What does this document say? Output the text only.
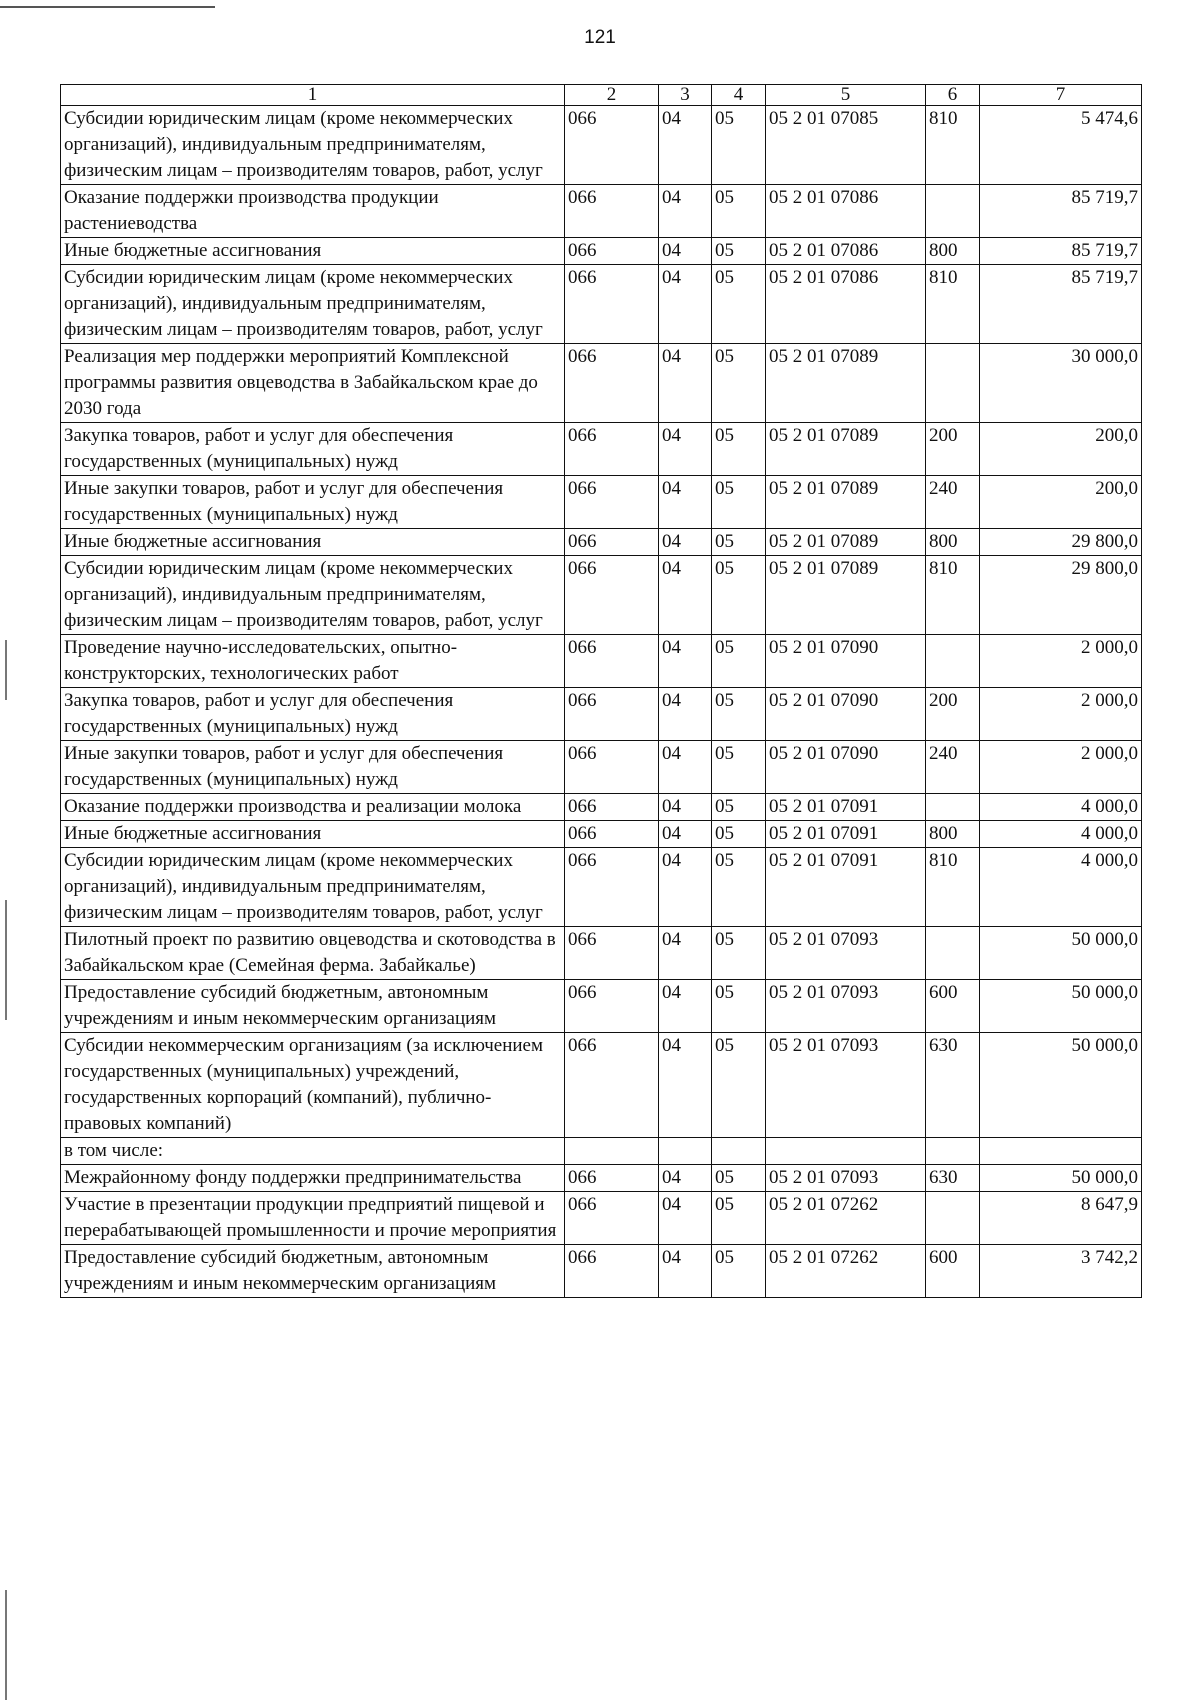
121
1	2	3	4	5	6	7
Субсидии юридическим лицам (кроме некоммерческих организаций), индивидуальным предпринимателям, физическим лицам – производителям товаров, работ, услуг	066	04	05	05 2 01 07085	810	5 474,6
Оказание поддержки производства продукции растениеводства	066	04	05	05 2 01 07086		85 719,7
Иные бюджетные ассигнования	066	04	05	05 2 01 07086	800	85 719,7
Субсидии юридическим лицам (кроме некоммерческих организаций), индивидуальным предпринимателям, физическим лицам – производителям товаров, работ, услуг	066	04	05	05 2 01 07086	810	85 719,7
Реализация мер поддержки мероприятий Комплексной программы развития овцеводства в Забайкальском крае до 2030 года	066	04	05	05 2 01 07089		30 000,0
Закупка товаров, работ и услуг для обеспечения государственных (муниципальных) нужд	066	04	05	05 2 01 07089	200	200,0
Иные закупки товаров, работ и услуг для обеспечения государственных (муниципальных) нужд	066	04	05	05 2 01 07089	240	200,0
Иные бюджетные ассигнования	066	04	05	05 2 01 07089	800	29 800,0
Субсидии юридическим лицам (кроме некоммерческих организаций), индивидуальным предпринимателям, физическим лицам – производителям товаров, работ, услуг	066	04	05	05 2 01 07089	810	29 800,0
Проведение научно-исследовательских, опытно-конструкторских, технологических работ	066	04	05	05 2 01 07090		2 000,0
Закупка товаров, работ и услуг для обеспечения государственных (муниципальных) нужд	066	04	05	05 2 01 07090	200	2 000,0
Иные закупки товаров, работ и услуг для обеспечения государственных (муниципальных) нужд	066	04	05	05 2 01 07090	240	2 000,0
Оказание поддержки производства и реализации молока	066	04	05	05 2 01 07091		4 000,0
Иные бюджетные ассигнования	066	04	05	05 2 01 07091	800	4 000,0
Субсидии юридическим лицам (кроме некоммерческих организаций), индивидуальным предпринимателям, физическим лицам – производителям товаров, работ, услуг	066	04	05	05 2 01 07091	810	4 000,0
Пилотный проект по развитию овцеводства и скотоводства в Забайкальском крае (Семейная ферма. Забайкалье)	066	04	05	05 2 01 07093		50 000,0
Предоставление субсидий бюджетным, автономным учреждениям и иным некоммерческим организациям	066	04	05	05 2 01 07093	600	50 000,0
Субсидии некоммерческим организациям (за исключением государственных (муниципальных) учреждений, государственных корпораций (компаний), публично-правовых компаний)	066	04	05	05 2 01 07093	630	50 000,0
в том числе:						
Межрайонному фонду поддержки предпринимательства	066	04	05	05 2 01 07093	630	50 000,0
Участие в презентации продукции предприятий пищевой и перерабатывающей промышленности и прочие мероприятия	066	04	05	05 2 01 07262		8 647,9
Предоставление субсидий бюджетным, автономным учреждениям и иным некоммерческим организациям	066	04	05	05 2 01 07262	600	3 742,2
